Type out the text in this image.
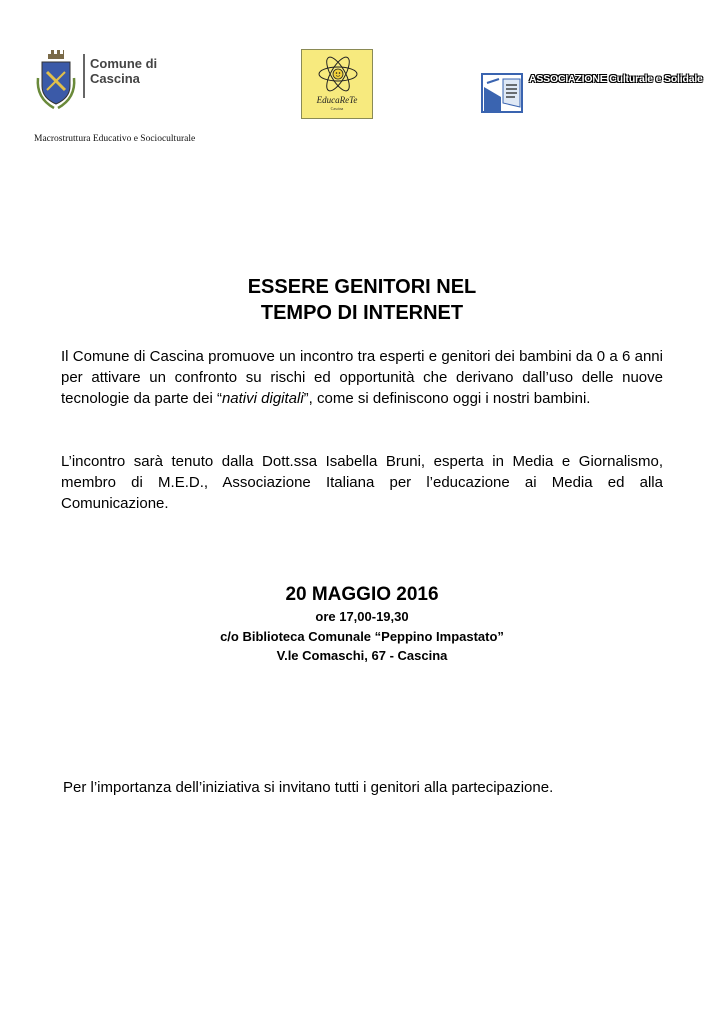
Comune di
Cascina
EducaReTe
Cascina
ASSOCIAZIONE Culturale e Solidale
Macrostruttura Educativo e Socioculturale
ESSERE GENITORI NEL
TEMPO DI INTERNET
Il Comune di Cascina promuove un incontro tra esperti e genitori dei bambini da 0 a 6 anni per attivare un confronto su rischi ed opportunità che derivano dall’uso delle nuove tecnologie da parte dei “nativi digitali”, come si definiscono oggi i nostri bambini.
L’incontro sarà tenuto dalla Dott.ssa Isabella Bruni, esperta in Media e Giornalismo, membro di M.E.D., Associazione Italiana per l’educazione ai Media ed alla Comunicazione.
20 MAGGIO 2016
ore 17,00-19,30
c/o Biblioteca Comunale “Peppino Impastato”
V.le Comaschi, 67 - Cascina
Per l’importanza dell’iniziativa si invitano tutti i genitori alla partecipazione.
